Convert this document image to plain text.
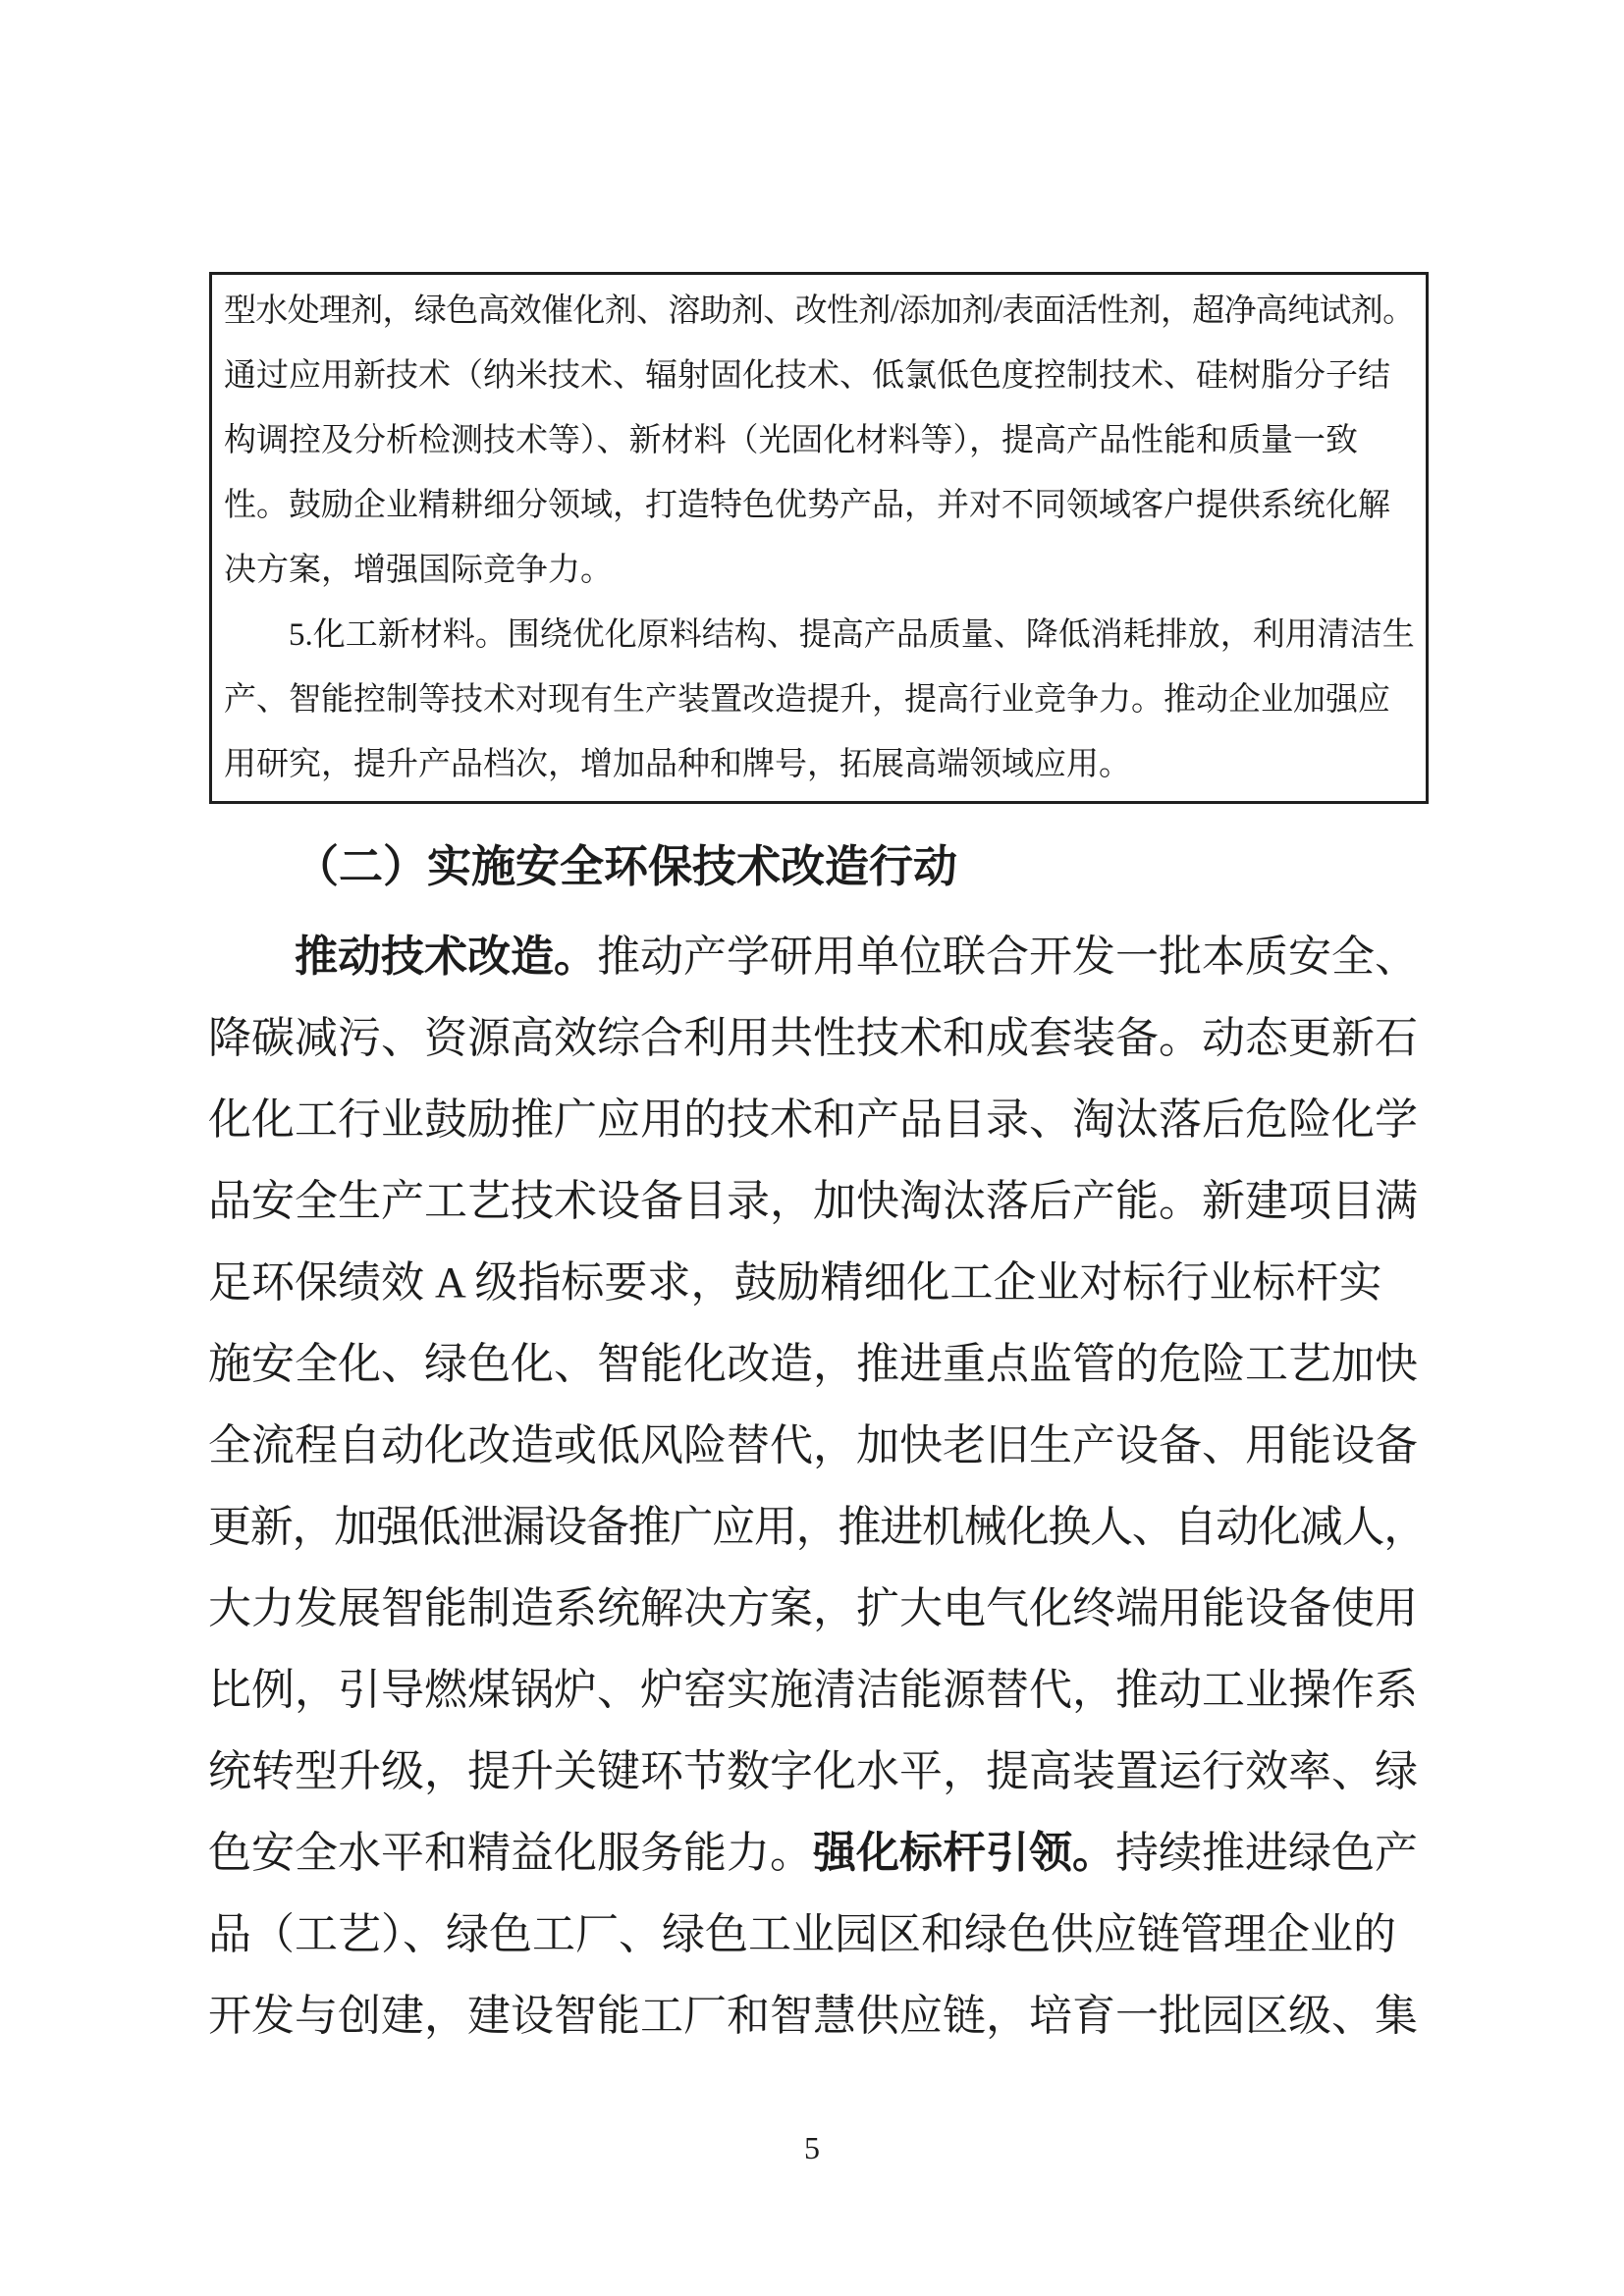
型水处理剂，绿色高效催化剂、溶助剂、改性剂/添加剂/表面活性剂，超净高纯试剂。
通过应用新技术（纳米技术、辐射固化技术、低氯低色度控制技术、硅树脂分子结
构调控及分析检测技术等）、新材料（光固化材料等），提高产品性能和质量一致
性。鼓励企业精耕细分领域，打造特色优势产品，并对不同领域客户提供系统化解
决方案，增强国际竞争力。
5.化工新材料。围绕优化原料结构、提高产品质量、降低消耗排放，利用清洁生
产、智能控制等技术对现有生产装置改造提升，提高行业竞争力。推动企业加强应
用研究，提升产品档次，增加品种和牌号，拓展高端领域应用。
（二）实施安全环保技术改造行动
推动技术改造。推动产学研用单位联合开发一批本质安全、
降碳减污、资源高效综合利用共性技术和成套装备。动态更新石
化化工行业鼓励推广应用的技术和产品目录、淘汰落后危险化学
品安全生产工艺技术设备目录，加快淘汰落后产能。新建项目满
足环保绩效 A 级指标要求，鼓励精细化工企业对标行业标杆实
施安全化、绿色化、智能化改造，推进重点监管的危险工艺加快
全流程自动化改造或低风险替代，加快老旧生产设备、用能设备
更新，加强低泄漏设备推广应用，推进机械化换人、自动化减人，
大力发展智能制造系统解决方案，扩大电气化终端用能设备使用
比例，引导燃煤锅炉、炉窑实施清洁能源替代，推动工业操作系
统转型升级，提升关键环节数字化水平，提高装置运行效率、绿
色安全水平和精益化服务能力。强化标杆引领。持续推进绿色产
品（工艺）、绿色工厂、绿色工业园区和绿色供应链管理企业的
开发与创建，建设智能工厂和智慧供应链，培育一批园区级、集
5
